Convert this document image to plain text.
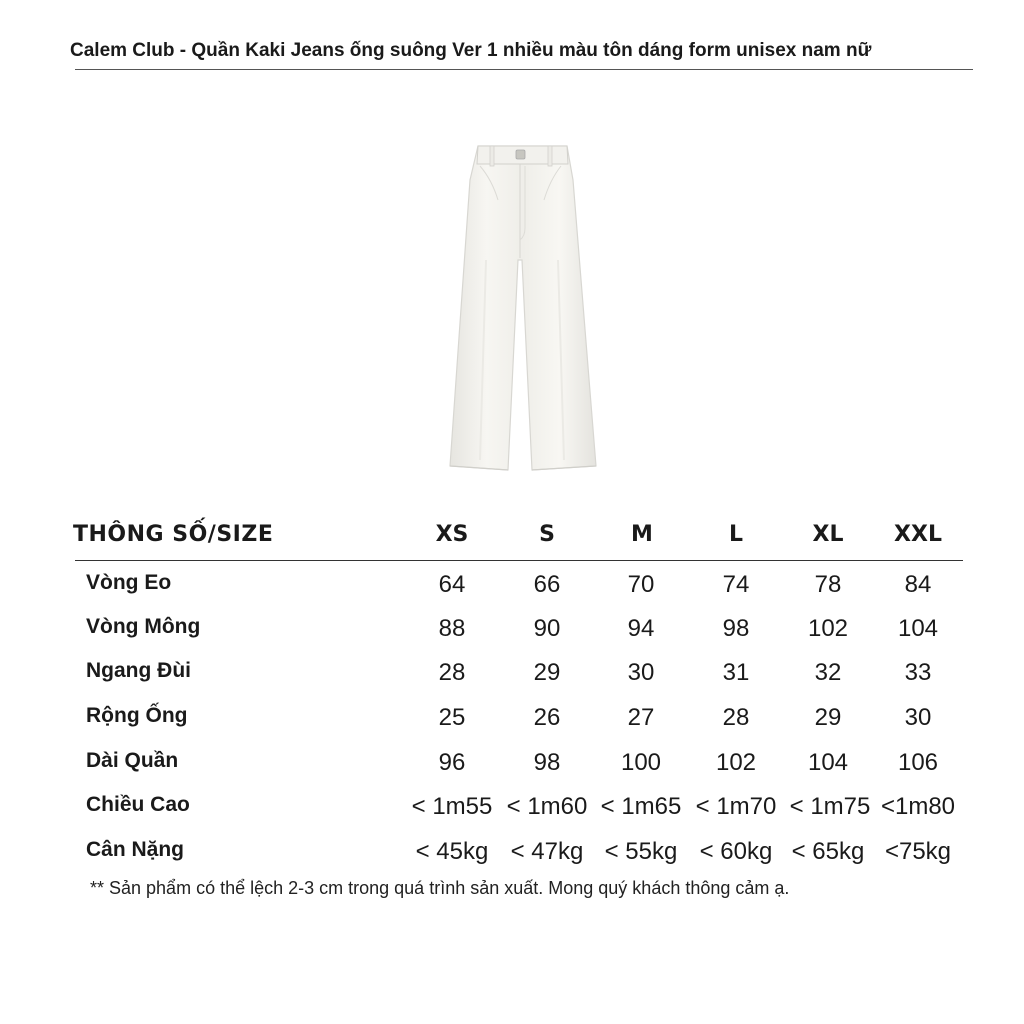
Calem Club - Quần Kaki Jeans ống suông Ver 1 nhiều màu tôn dáng form unisex nam nữ
THÔNG SỐ/SIZE	XS	S	M	L	XL	XXL
Vòng Eo	64	66	70	74	78	84
Vòng Mông	88	90	94	98	102	104
Ngang Đùi	28	29	30	31	32	33
Rộng Ống	25	26	27	28	29	30
Dài Quần	96	98	100	102	104	106
Chiều Cao	< 1m55 < 1m60 < 1m65 < 1m70 < 1m75 <1m80
Cân Nặng	< 45kg < 47kg < 55kg < 60kg < 65kg <75kg
** Sản phẩm có thể lệch 2-3 cm trong quá trình sản xuất. Mong quý khách thông cảm ạ.
